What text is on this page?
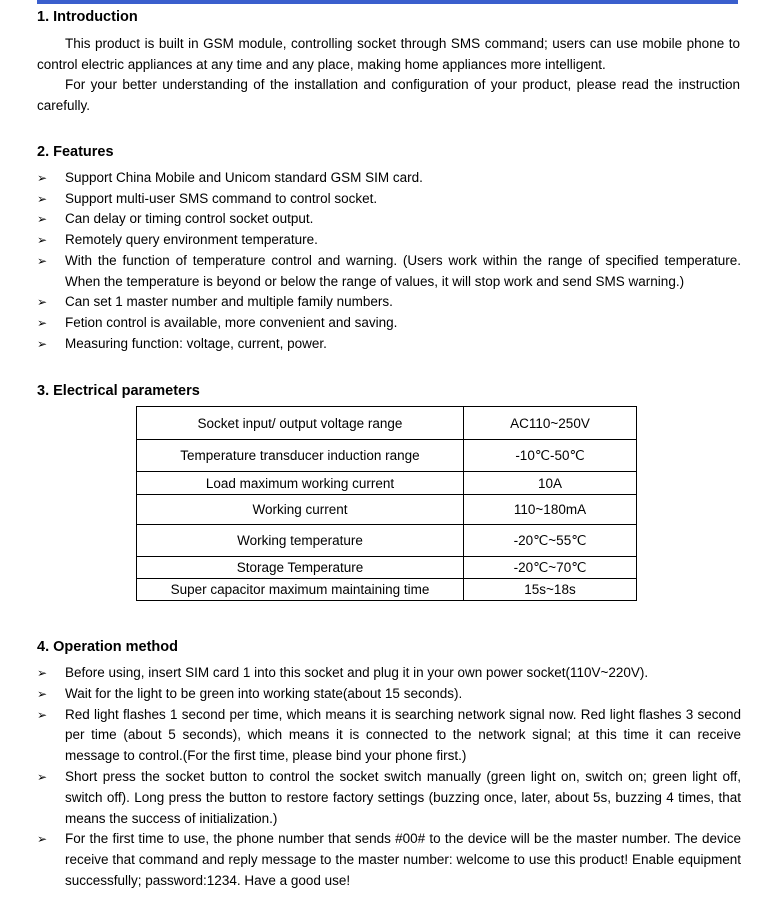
1. Introduction

This product is built in GSM module, controlling socket through SMS command; users can use mobile phone to control electric appliances at any time and any place, making home appliances more intelligent.

For your better understanding of the installation and configuration of your product, please read the instruction carefully.

2. Features
➢ Support China Mobile and Unicom standard GSM SIM card.
➢ Support multi-user SMS command to control socket.
➢ Can delay or timing control socket output.
➢ Remotely query environment temperature.
➢ With the function of temperature control and warning. (Users work within the range of specified temperature. When the temperature is beyond or below the range of values, it will stop work and send SMS warning.)
➢ Can set 1 master number and multiple family numbers.
➢ Fetion control is available, more convenient and saving.
➢ Measuring function: voltage, current, power.
3. Electrical parameters
Socket input/ output voltage range	AC110~250V
Temperature transducer induction range	-10℃-50℃
Load maximum working current	10A
Working current	110~180mA
Working temperature	-20℃~55℃
Storage Temperature	-20℃~70℃
Super capacitor maximum maintaining time	15s~18s
4. Operation method
➢ Before using, insert SIM card 1 into this socket and plug it in your own power socket(110V~220V).
➢ Wait for the light to be green into working state(about 15 seconds).
➢ Red light flashes 1 second per time, which means it is searching network signal now. Red light flashes 3 second per time (about 5 seconds), which means it is connected to the network signal; at this time it can receive message to control.(For the first time, please bind your phone first.)
➢ Short press the socket button to control the socket switch manually (green light on, switch on; green light off, switch off). Long press the button to restore factory settings (buzzing once, later, about 5s, buzzing 4 times, that means the success of initialization.)
➢ For the first time to use, the phone number that sends #00# to the device will be the master number. The device receive that command and reply message to the master number: welcome to use this product! Enable equipment successfully; password:1234. Have a good use!
